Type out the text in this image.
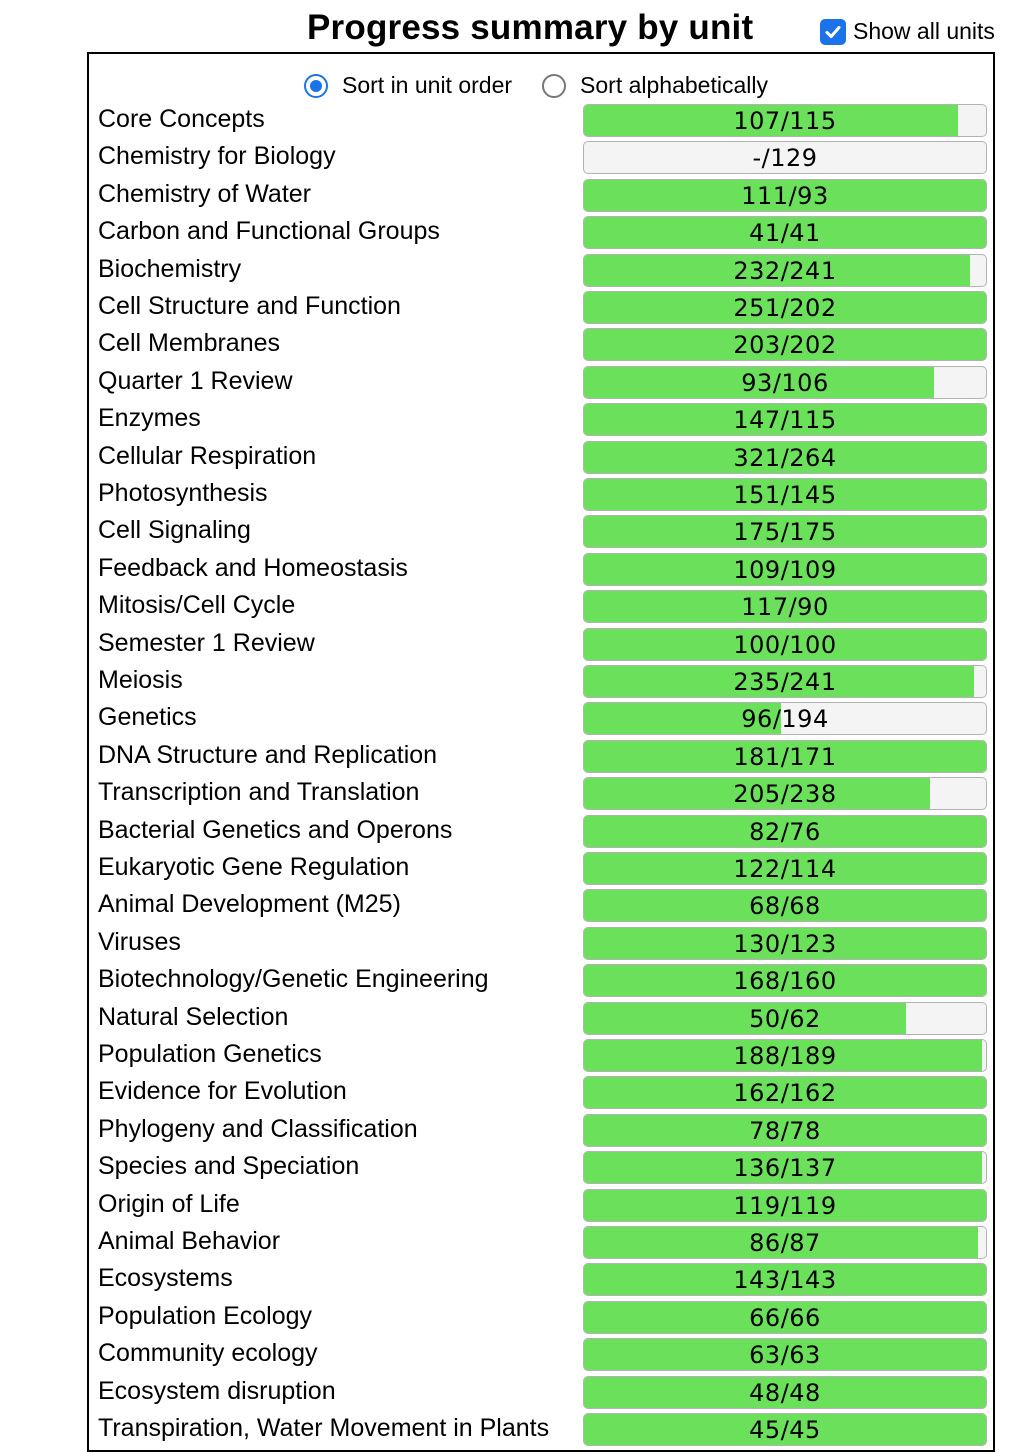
Progress summary by unit	Show all units
Sort in unit order	Sort alphabetically
Core Concepts	107/115
Chemistry for Biology	-/129
Chemistry of Water	111/93
Carbon and Functional Groups	41/41
Biochemistry	232/241
Cell Structure and Function	251/202
Cell Membranes	203/202
Quarter 1 Review	93/106
Enzymes	147/115
Cellular Respiration	321/264
Photosynthesis	151/145
Cell Signaling	175/175
Feedback and Homeostasis	109/109
Mitosis/Cell Cycle	117/90
Semester 1 Review	100/100
Meiosis	235/241
Genetics	96/194
DNA Structure and Replication	181/171
Transcription and Translation	205/238
Bacterial Genetics and Operons	82/76
Eukaryotic Gene Regulation	122/114
Animal Development (M25)	68/68
Viruses	130/123
Biotechnology/Genetic Engineering	168/160
Natural Selection	50/62
Population Genetics	188/189
Evidence for Evolution	162/162
Phylogeny and Classification	78/78
Species and Speciation	136/137
Origin of Life	119/119
Animal Behavior	86/87
Ecosystems	143/143
Population Ecology	66/66
Community ecology	63/63
Ecosystem disruption	48/48
Transpiration, Water Movement in Plants	45/45
